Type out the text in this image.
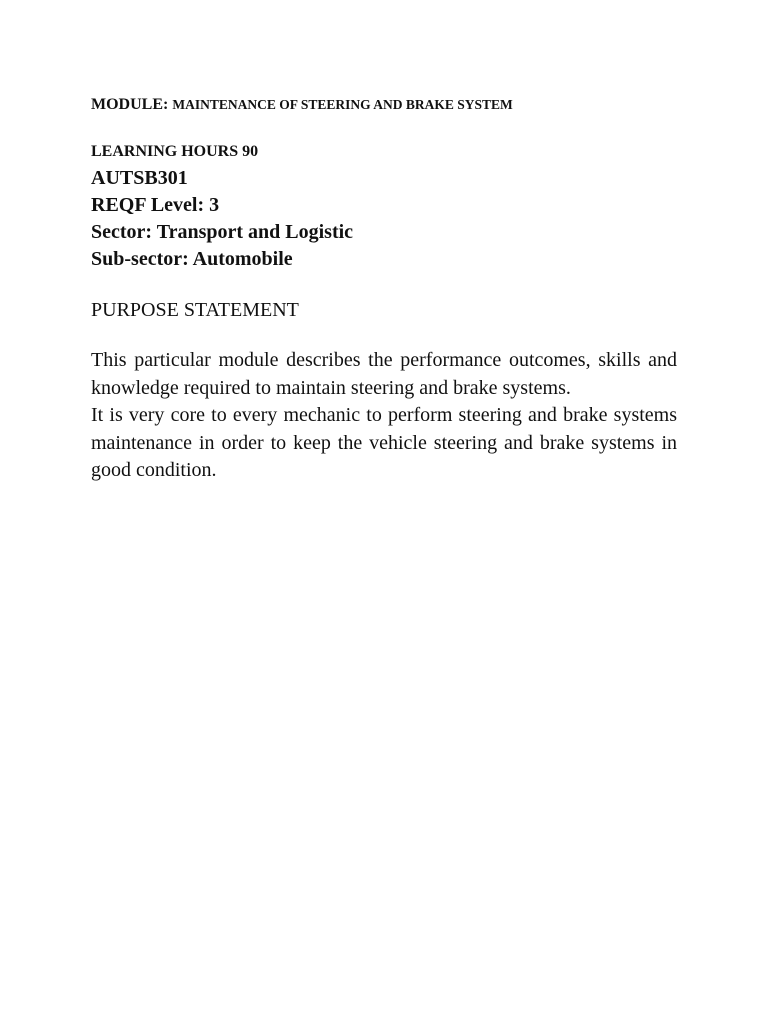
MODULE: MAINTENANCE OF STEERING AND BRAKE SYSTEM

LEARNING HOURS 90

AUTSB301

REQF Level: 3

Sector: Transport and Logistic

Sub-sector: Automobile

PURPOSE STATEMENT

This particular module describes the performance outcomes, skills and knowledge required to maintain steering and brake systems.

It is very core to every mechanic to perform steering and brake systems maintenance in order to keep the vehicle steering and brake systems in good condition.
